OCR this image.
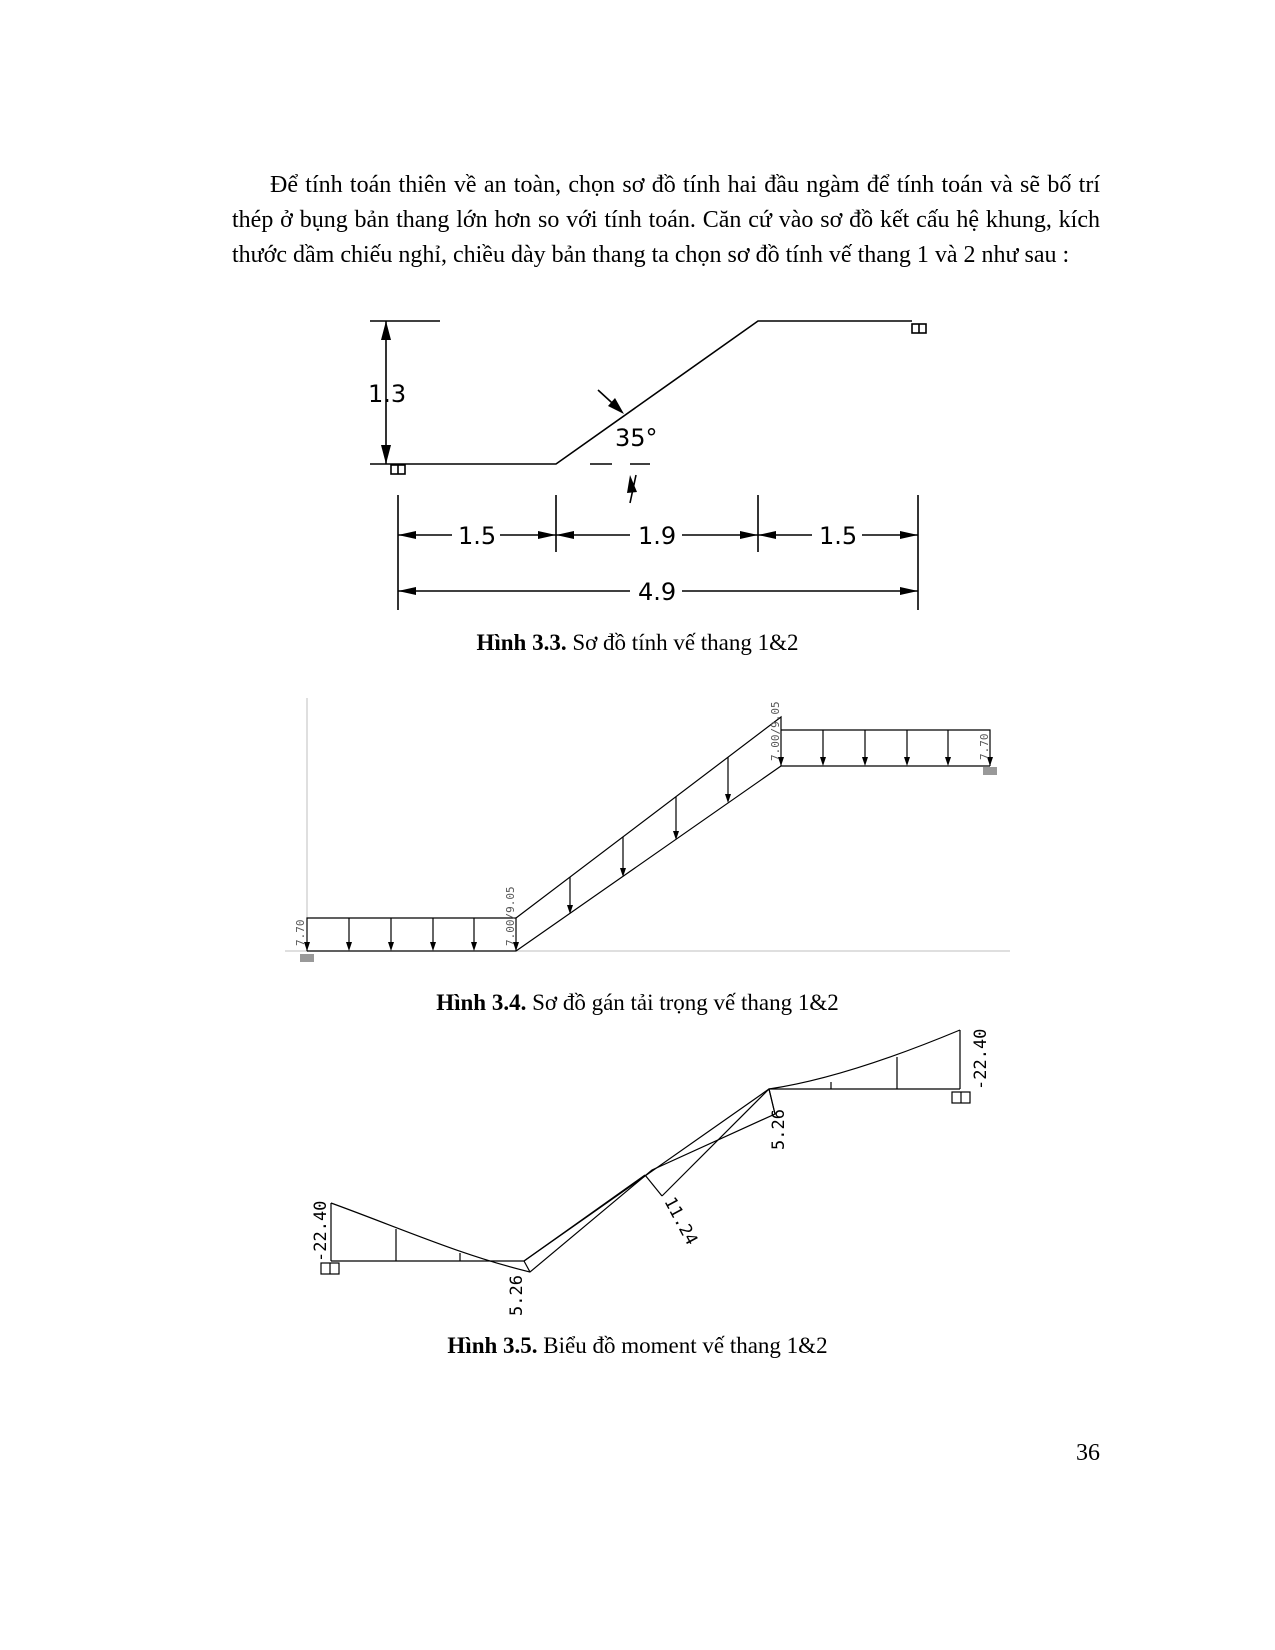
Để tính toán thiên về an toàn, chọn sơ đồ tính hai đầu ngàm để tính toán và sẽ bố trí thép ở bụng bản thang lớn hơn so với tính toán. Căn cứ vào sơ đồ kết cấu hệ khung, kích thước dầm chiếu nghỉ, chiều dày bản thang ta chọn sơ đồ tính vế thang 1 và 2 như sau :

1.3
35°
1.5	1.9	1.5
4.9
Hình 3.3. Sơ đồ tính vế thang 1&2
7.70
7.70
7.00/9.05
7.00/9.05
Hình 3.4. Sơ đồ gán tải trọng vế thang 1&2
-22.40
5.26
11.24
5.26
-22.40
Hình 3.5. Biểu đồ moment vế thang 1&2
36
